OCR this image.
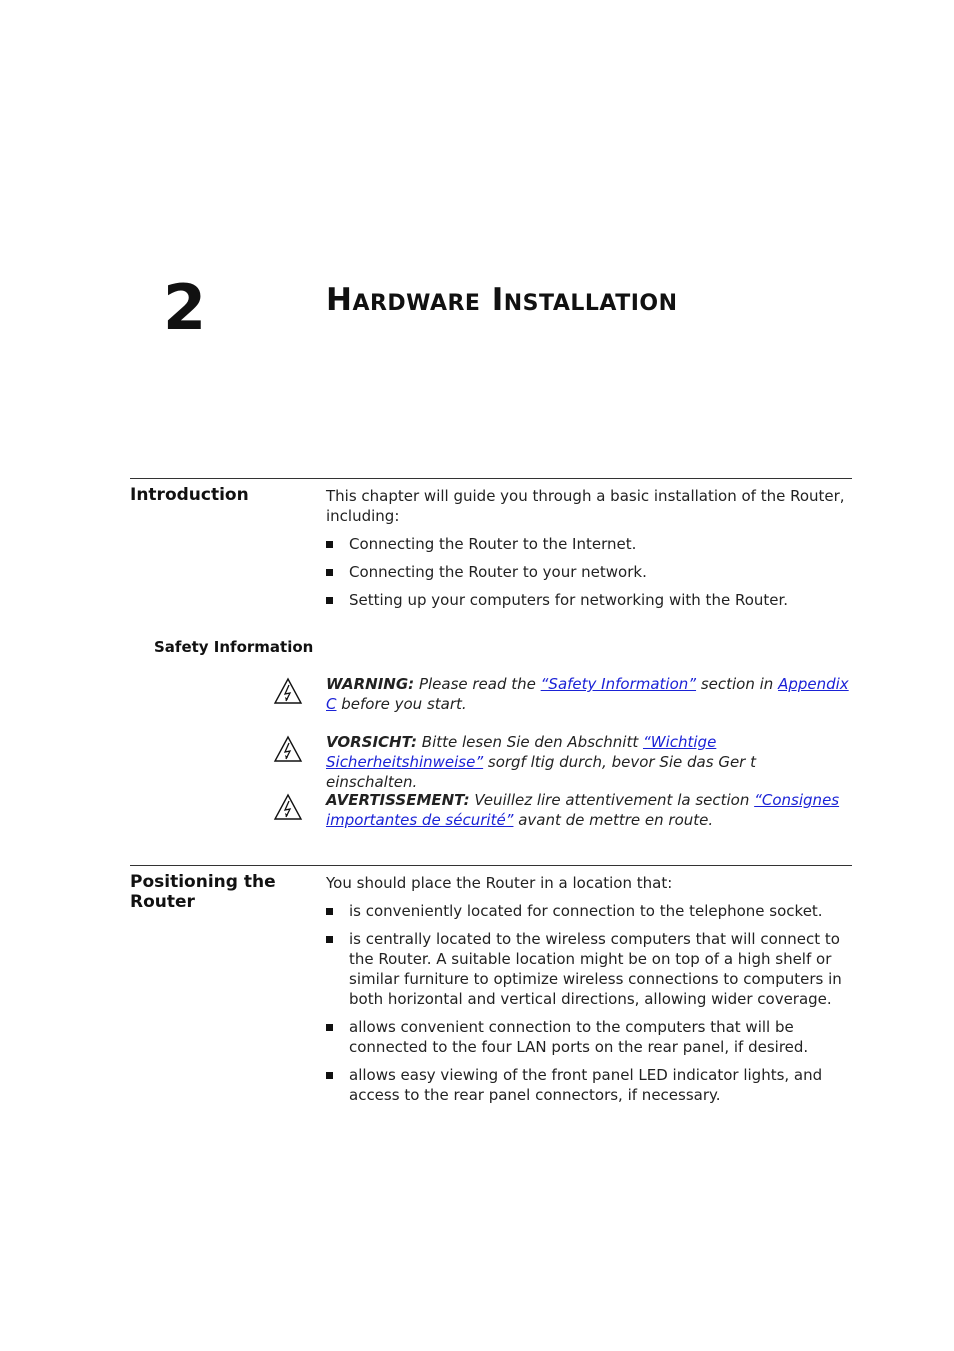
2	Hardware Installation
Introduction	This chapter will guide you through a basic installation of the Router, including:
Connecting the Router to the Internet.
Connecting the Router to your network.
Setting up your computers for networking with the Router.
Safety Information
WARNING: Please read the “Safety Information” section in Appendix C before you start.
VORSICHT: Bitte lesen Sie den Abschnitt “Wichtige Sicherheitshinweise” sorgf ltig durch, bevor Sie das Ger t einschalten.
AVERTISSEMENT: Veuillez lire attentivement la section “Consignes importantes de sécurité” avant de mettre en route.
Positioning the Router
You should place the Router in a location that:
is conveniently located for connection to the telephone socket.
is centrally located to the wireless computers that will connect to the Router. A suitable location might be on top of a high shelf or similar furniture to optimize wireless connections to computers in both horizontal and vertical directions, allowing wider coverage.
allows convenient connection to the computers that will be connected to the four LAN ports on the rear panel, if desired.
allows easy viewing of the front panel LED indicator lights, and access to the rear panel connectors, if necessary.
